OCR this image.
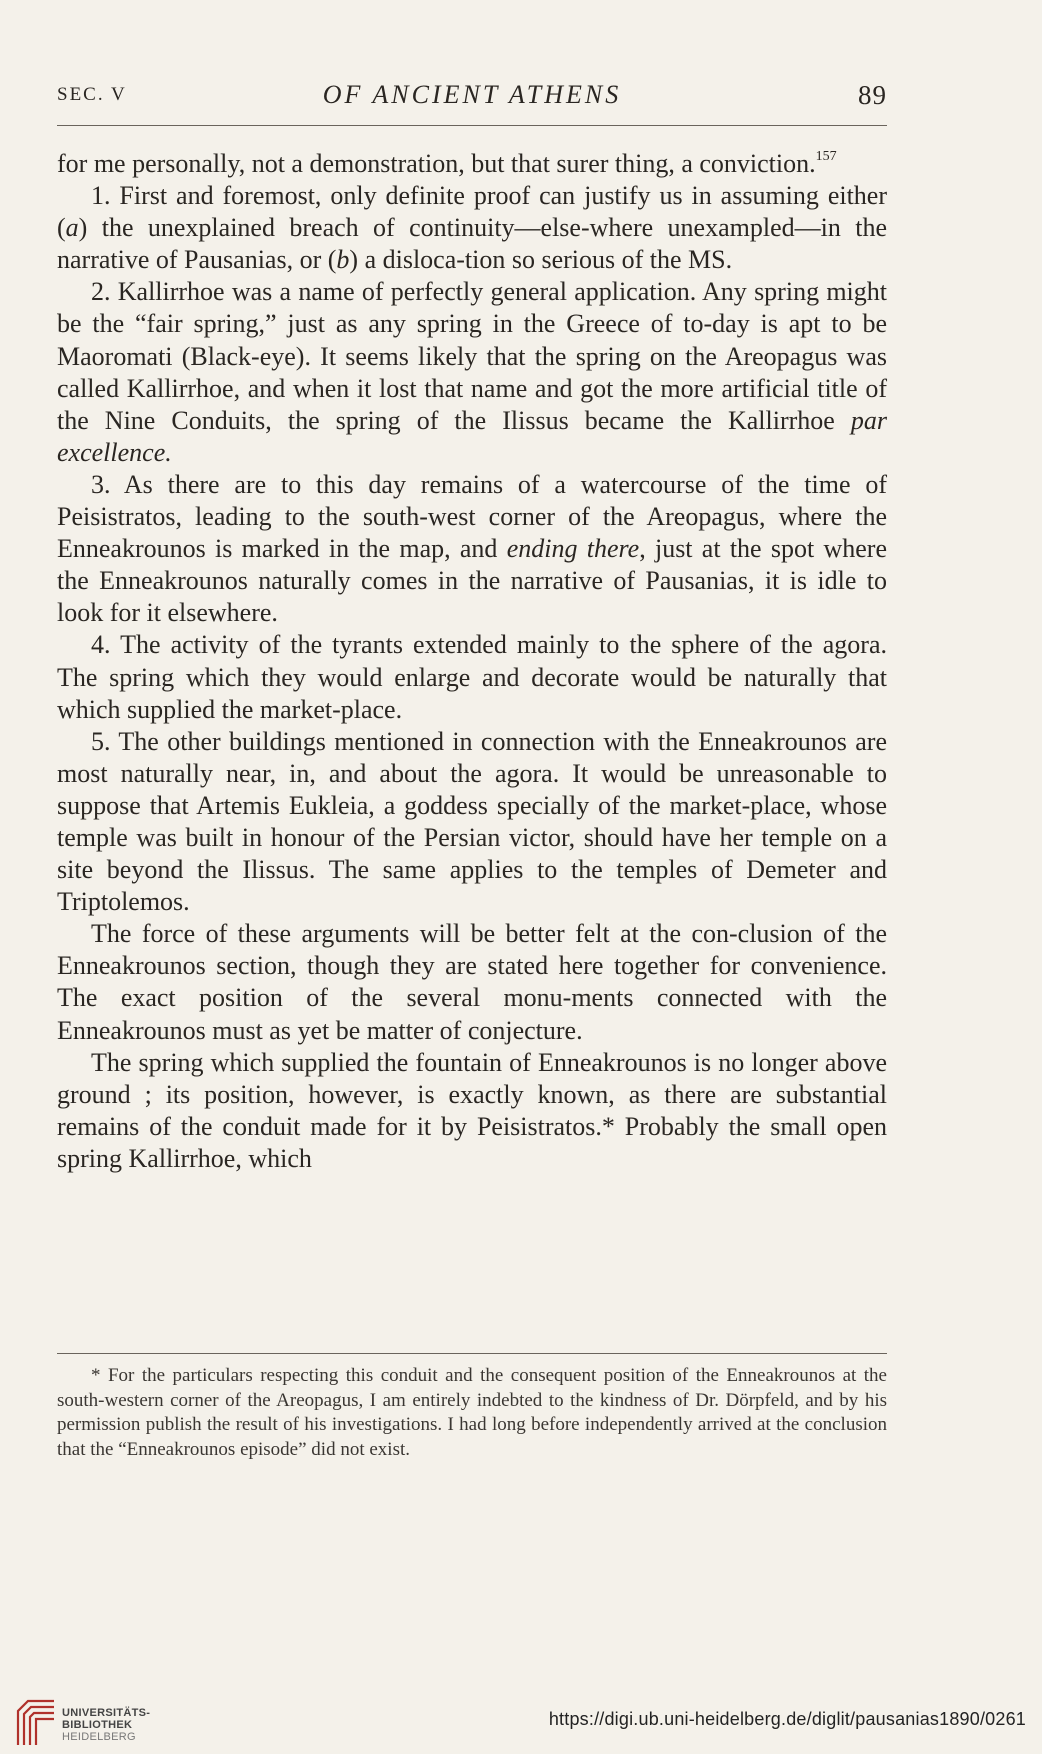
SEC. V	OF ANCIENT ATHENS	89

for me personally, not a demonstration, but that surer thing, a conviction.$^{157}$

1. First and foremost, only definite proof can justify us in assuming either (a) the unexplained breach of continuity—else-where unexampled—in the narrative of Pausanias, or (b) a disloca-tion so serious of the MS.

2. Kallirrhoe was a name of perfectly general application. Any spring might be the “fair spring,” just as any spring in the Greece of to-day is apt to be Maoromati (Black-eye). It seems likely that the spring on the Areopagus was called Kallirrhoe, and when it lost that name and got the more artificial title of the Nine Conduits, the spring of the Ilissus became the Kallirrhoe par excellence.

3. As there are to this day remains of a watercourse of the time of Peisistratos, leading to the south-west corner of the Areopagus, where the Enneakrounos is marked in the map, and ending there, just at the spot where the Enneakrounos naturally comes in the narrative of Pausanias, it is idle to look for it elsewhere.

4. The activity of the tyrants extended mainly to the sphere of the agora. The spring which they would enlarge and decorate would be naturally that which supplied the market-place.

5. The other buildings mentioned in connection with the Enneakrounos are most naturally near, in, and about the agora. It would be unreasonable to suppose that Artemis Eukleia, a goddess specially of the market-place, whose temple was built in honour of the Persian victor, should have her temple on a site beyond the Ilissus. The same applies to the temples of Demeter and Triptolemos.

The force of these arguments will be better felt at the con-clusion of the Enneakrounos section, though they are stated here together for convenience. The exact position of the several monu-ments connected with the Enneakrounos must as yet be matter of conjecture.

The spring which supplied the fountain of Enneakrounos is no longer above ground ; its position, however, is exactly known, as there are substantial remains of the conduit made for it by Peisistratos.* Probably the small open spring Kallirrhoe, which

* For the particulars respecting this conduit and the consequent position of the Enneakrounos at the south-western corner of the Areopagus, I am entirely indebted to the kindness of Dr. Dörpfeld, and by his permission publish the result of his investigations. I had long before independently arrived at the conclusion that the “Enneakrounos episode” did not exist.
UNIVERSITÄTS-
BIBLIOTHEK
HEIDELBERG
https://digi.ub.uni-heidelberg.de/diglit/pausanias1890/0261
